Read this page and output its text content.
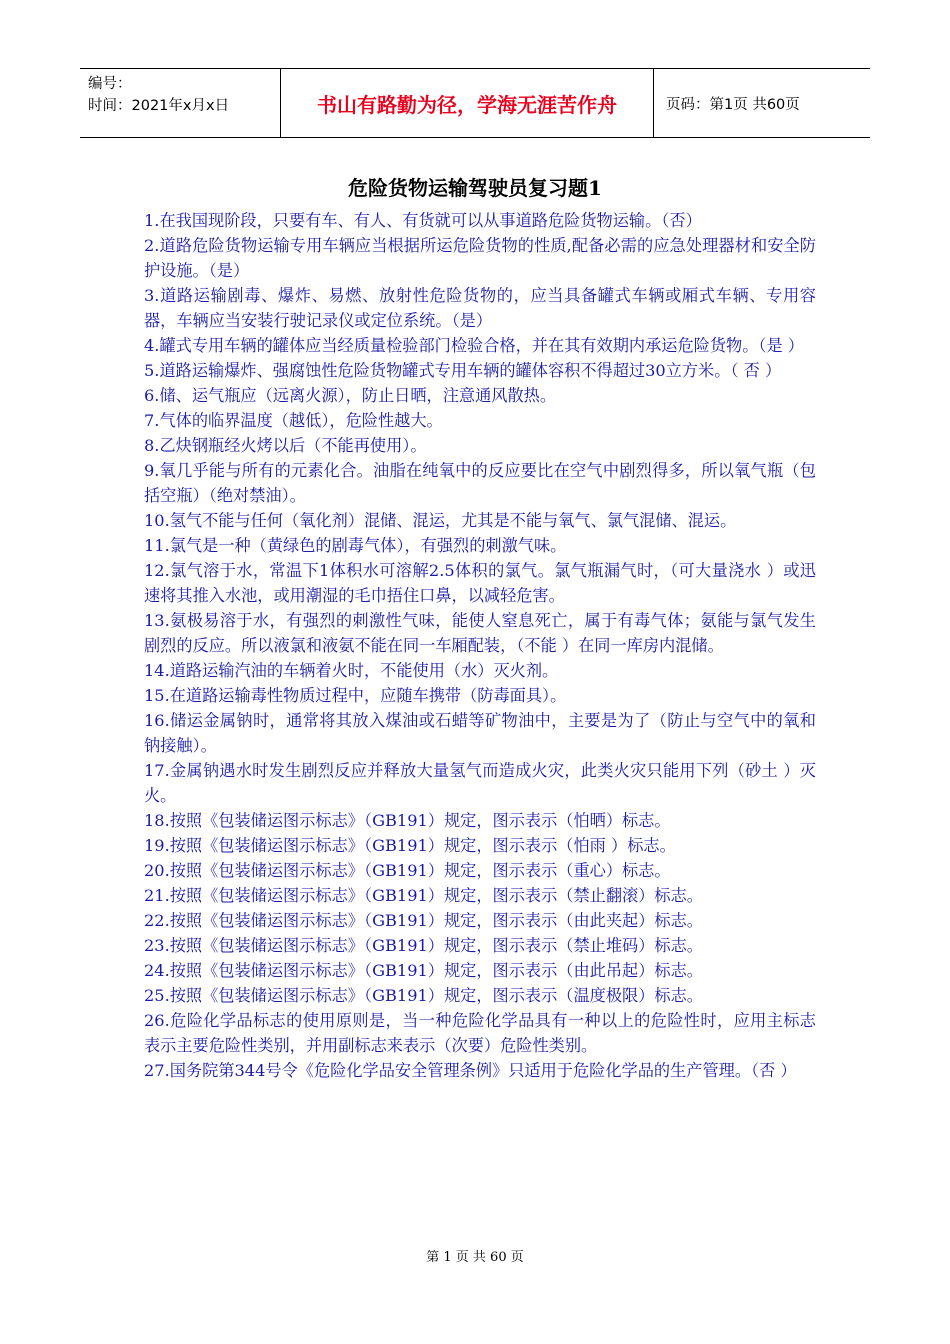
编号：
时间：2021年x月x日	书山有路勤为径，学海无涯苦作舟	页码：第1页 共60页
危险货物运输驾驶员复习题1

1.在我国现阶段，只要有车、有人、有货就可以从事道路危险货物运输。（否）

2.道路危险货物运输专用车辆应当根据所运危险货物的性质,配备必需的应急处理器材和安全防护设施。（是）

3.道路运输剧毒、爆炸、易燃、放射性危险货物的，应当具备罐式车辆或厢式车辆、专用容器，车辆应当安装行驶记录仪或定位系统。（是）

4.罐式专用车辆的罐体应当经质量检验部门检验合格，并在其有效期内承运危险货物。（是 ）

5.道路运输爆炸、强腐蚀性危险货物罐式专用车辆的罐体容积不得超过30立方米。（ 否 ）

6.储、运气瓶应（远离火源），防止日晒，注意通风散热。

7.气体的临界温度（越低），危险性越大。

8.乙炔钢瓶经火烤以后（不能再使用）。

9.氧几乎能与所有的元素化合。油脂在纯氧中的反应要比在空气中剧烈得多，所以氧气瓶（包括空瓶）（绝对禁油）。

10.氢气不能与任何（氧化剂）混储、混运，尤其是不能与氧气、氯气混储、混运。

11.氯气是一种（黄绿色的剧毒气体），有强烈的刺激气味。

12.氯气溶于水，常温下1体积水可溶解2.5体积的氯气。氯气瓶漏气时，（可大量浇水 ）或迅速将其推入水池，或用潮湿的毛巾捂住口鼻，以减轻危害。

13.氨极易溶于水，有强烈的刺激性气味，能使人窒息死亡，属于有毒气体；氨能与氯气发生剧烈的反应。所以液氯和液氨不能在同一车厢配装，（不能 ）在同一库房内混储。

14.道路运输汽油的车辆着火时，不能使用（水）灭火剂。

15.在道路运输毒性物质过程中，应随车携带（防毒面具）。

16.储运金属钠时，通常将其放入煤油或石蜡等矿物油中，主要是为了（防止与空气中的氧和钠接触）。

17.金属钠遇水时发生剧烈反应并释放大量氢气而造成火灾，此类火灾只能用下列（砂土 ）灭火。

18.按照《包装储运图示标志》（GB191）规定，图示表示（怕晒）标志。

19.按照《包装储运图示标志》（GB191）规定，图示表示（怕雨 ）标志。

20.按照《包装储运图示标志》（GB191）规定，图示表示（重心）标志。

21.按照《包装储运图示标志》（GB191）规定，图示表示（禁止翻滚）标志。

22.按照《包装储运图示标志》（GB191）规定，图示表示（由此夹起）标志。

23.按照《包装储运图示标志》（GB191）规定，图示表示（禁止堆码）标志。

24.按照《包装储运图示标志》（GB191）规定，图示表示（由此吊起）标志。

25.按照《包装储运图示标志》（GB191）规定，图示表示（温度极限）标志。

26.危险化学品标志的使用原则是，当一种危险化学品具有一种以上的危险性时，应用主标志表示主要危险性类别，并用副标志来表示（次要）危险性类别。

27.国务院第344号令《危险化学品安全管理条例》只适用于危险化学品的生产管理。（否 ）

第 1 页 共 60 页
